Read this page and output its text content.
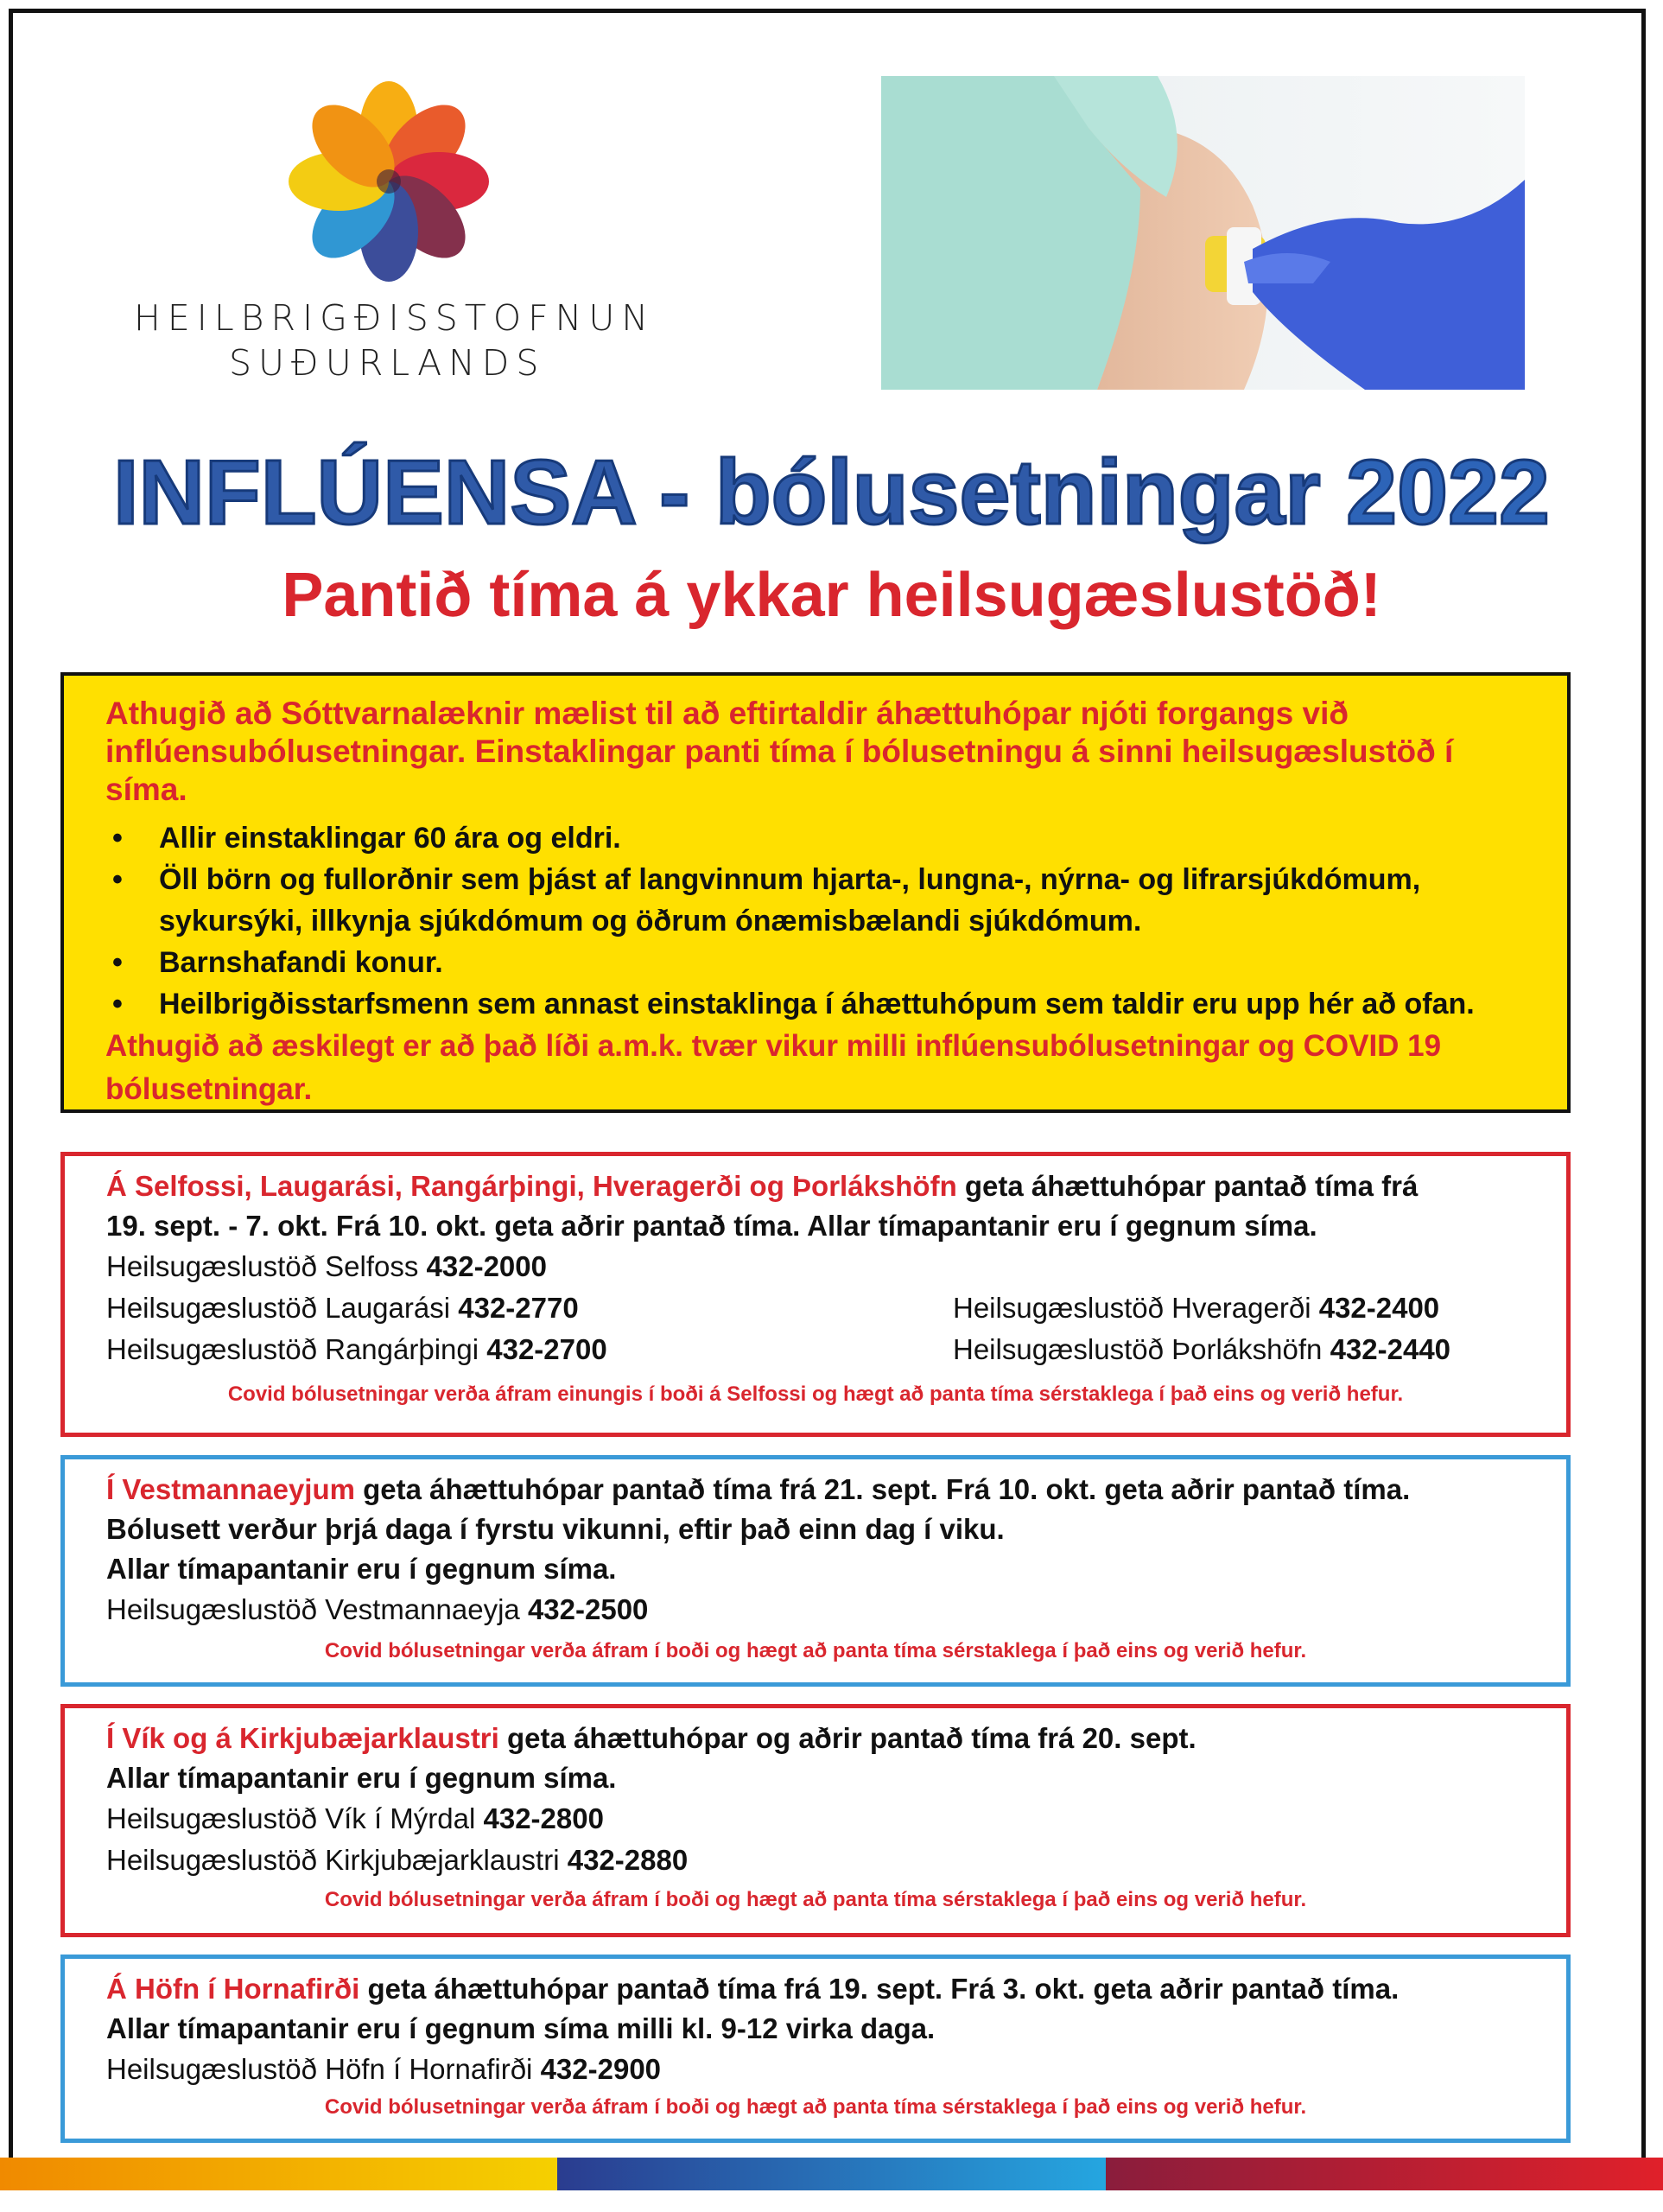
HEILBRIGÐISSTOFNUN
SUÐURLANDS
INFLÚENSA - bólusetningar 2022
Pantið tíma á ykkar heilsugæslustöð!
Athugið að Sóttvarnalæknir mælist til að eftirtaldir áhættuhópar njóti forgangs við inflúensubólusetningar. Einstaklingar panti tíma í bólusetningu á sinni heilsugæslustöð í síma.
• Allir einstaklingar 60 ára og eldri.
• Öll börn og fullorðnir sem þjást af langvinnum hjarta-, lungna-, nýrna- og lifrarsjúkdómum, sykursýki, illkynja sjúkdómum og öðrum ónæmisbælandi sjúkdómum.
• Barnshafandi konur.
• Heilbrigðisstarfsmenn sem annast einstaklinga í áhættuhópum sem taldir eru upp hér að ofan.
Athugið að æskilegt er að það líði a.m.k. tvær vikur milli inflúensubólusetningar og COVID 19 bólusetningar.
Á Selfossi, Laugarási, Rangárþingi, Hveragerði og Þorlákshöfn geta áhættuhópar pantað tíma frá
19. sept. - 7. okt. Frá 10. okt. geta aðrir pantað tíma. Allar tímapantanir eru í gegnum síma.
Heilsugæslustöð Selfoss 432-2000
Heilsugæslustöð Laugarási 432-2770
Heilsugæslustöð Rangárþingi 432-2700
Heilsugæslustöð Hveragerði 432-2400
Heilsugæslustöð Þorlákshöfn 432-2440
Covid bólusetningar verða áfram einungis í boði á Selfossi og hægt að panta tíma sérstaklega í það eins og verið hefur.
Í Vestmannaeyjum geta áhættuhópar pantað tíma frá 21. sept. Frá 10. okt. geta aðrir pantað tíma.
Bólusett verður þrjá daga í fyrstu vikunni, eftir það einn dag í viku.
Allar tímapantanir eru í gegnum síma.
Heilsugæslustöð Vestmannaeyja 432-2500
Covid bólusetningar verða áfram í boði og hægt að panta tíma sérstaklega í það eins og verið hefur.
Í Vík og á Kirkjubæjarklaustri geta áhættuhópar og aðrir pantað tíma frá 20. sept.
Allar tímapantanir eru í gegnum síma.
Heilsugæslustöð Vík í Mýrdal 432-2800
Heilsugæslustöð Kirkjubæjarklaustri 432-2880
Covid bólusetningar verða áfram í boði og hægt að panta tíma sérstaklega í það eins og verið hefur.
Á Höfn í Hornafirði geta áhættuhópar pantað tíma frá 19. sept. Frá 3. okt. geta aðrir pantað tíma.
Allar tímapantanir eru í gegnum síma milli kl. 9-12 virka daga.
Heilsugæslustöð Höfn í Hornafirði 432-2900
Covid bólusetningar verða áfram í boði og hægt að panta tíma sérstaklega í það eins og verið hefur.
